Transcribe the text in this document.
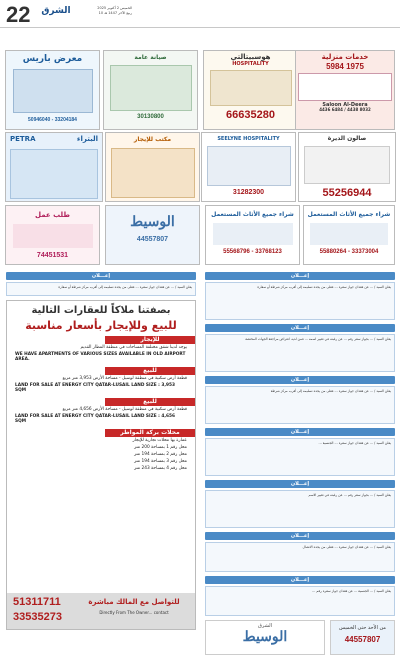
22	الشرق	الخميس 2 أكتوبر 2025
10 ربيع الآخر 1447 هـ
معرض باريس
50946040 - 33204184
صيانة عامة
30130800
هوسبيتالتي
HOSPITALITY
66635280
خدمات منزلية
5984 1975
Saloon Al-Deera
4436 6484 / 4438 8032
PETRA	البتراء	مكتب للإيجار	SEELYNE HOSPITALITY
31282300
صالون الديرة
55256944
طلب عمل
74451531
الوسيط
44557807
شراء جميع الأثاث المستعمل
55568796 - 33768123
شراء جميع الأثاث المستعمل
55880264 - 33373004
إعـــلان
يعلن السيد / ... عن فقدان جواز سفره ... فعلى من يجده تسليمه إلى أقرب مركز شرطة أو سفارة
إعـــلان
يعلن السيد / ... بجواز سفر رقم ... عن رغبته في تغيير اسمه ... فمن لديه اعتراض مراجعة الجهات المختصة
إعـــلان
يعلن السيد / ... عن فقدان جواز سفره ... فعلى من يجده تسليمه إلى أقرب مركز شرطة
إعـــلان
يعلن السيد / ... عن فقدان جواز سفره ... الجنسية ...
إعـــلان
يعلن السيد / ... بجواز سفر رقم ... عن رغبته في تغيير الاسم
إعـــلان
يعلن السيد / ... عن فقدان جواز سفره ... فعلى من يجده الاتصال
إعـــلان
يعلن السيد / ... الجنسية ... عن فقدان جواز سفره رقم ...
إعـــلان
يعلن السيد / ... عن فقدان جواز سفره ... فعلى من يجده تسليمه إلى أقرب مركز شرطة أو سفارة
بصفتنا ملاكاً للعقارات التالية
للبيع وللإيجار بأسعار مناسبة
للإيجار
يوجد لدينا شقق مختلفة المساحات في منطقة المطار القديم
WE HAVE APARTMENTS OF VARIOUS SIZES AVAILABLE IN OLD AIRPORT AREA.
للبيع
قطعة أرض سكنية في منطقة لوسيل - مساحة الأرض 3,953 متر مربع
LAND FOR SALE AT ENERGY CITY QATAR-LUSAIL LAND SIZE : 3,953 SQM
للبيع
قطعة أرض سكنية في منطقة لوسيل - مساحة الأرض 4,656 متر مربع
LAND FOR SALE AT ENERGY CITY QATAR-LUSAIL LAND SIZE : 4,656 SQM
محلات بركة المواطر
عمارة بها محلات تجارية للإيجار
محل رقم 1 بمساحة 200 متر
محل رقم 2 بمساحة 194 متر
محل رقم 3 بمساحة 194 متر
محل رقم 4 بمساحة 243 متر
51311711
33535273
للتواصل مع المالك مباشرة
Directly From The Owner... contact
الشرق
الوسيط
من الأحد حتى الخميس
44557807
